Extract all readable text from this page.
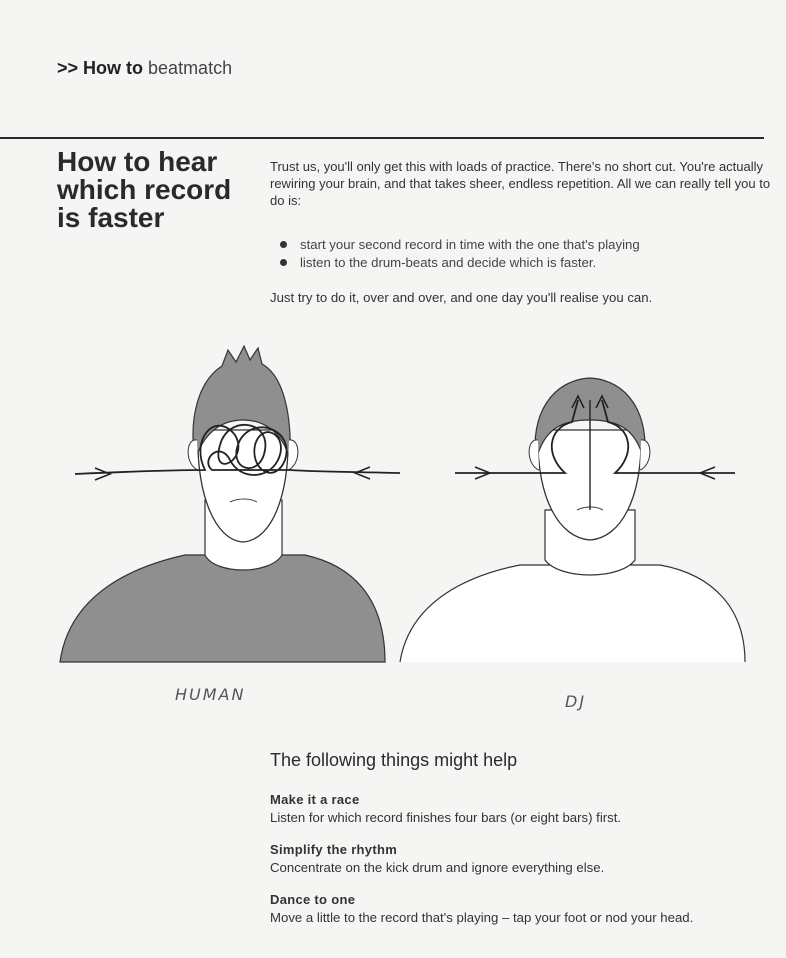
>> How to beatmatch
How to hear which record is faster
Trust us, you'll only get this with loads of practice. There's no short cut. You're actually rewiring your brain, and that takes sheer, endless repetition. All we can really tell you to do is:
start your second record in time with the one that's playing
listen to the drum-beats and decide which is faster.
Just try to do it, over and over, and one day you'll realise you can.
HUMAN	DJ
The following things might help
Make it a race
Listen for which record finishes four bars (or eight bars) first.
Simplify the rhythm
Concentrate on the kick drum and ignore everything else.
Dance to one
Move a little to the record that's playing – tap your foot or nod your head.
